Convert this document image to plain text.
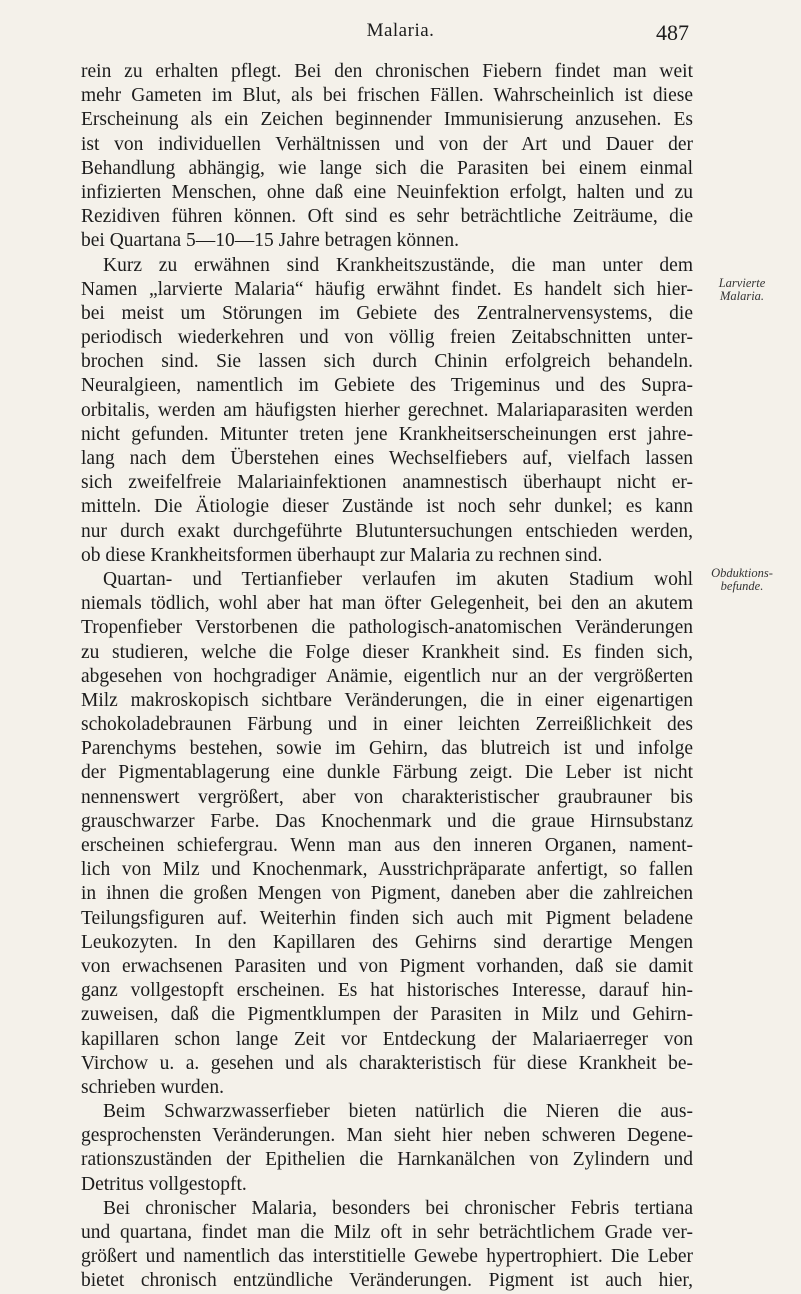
Malaria.	487
Larvierte
Malaria.
Obduktions-
befunde.
rein zu erhalten pflegt. Bei den chronischen Fiebern findet man weit
mehr Gameten im Blut, als bei frischen Fällen. Wahrscheinlich ist diese
Erscheinung als ein Zeichen beginnender Immunisierung anzusehen. Es
ist von individuellen Verhältnissen und von der Art und Dauer der
Behandlung abhängig, wie lange sich die Parasiten bei einem einmal
infizierten Menschen, ohne daß eine Neuinfektion erfolgt, halten und zu
Rezidiven führen können. Oft sind es sehr beträchtliche Zeiträume, die
bei Quartana 5—10—15 Jahre betragen können.
Kurz zu erwähnen sind Krankheitszustände, die man unter dem
Namen „larvierte Malaria“ häufig erwähnt findet. Es handelt sich hier-
bei meist um Störungen im Gebiete des Zentralnervensystems, die
periodisch wiederkehren und von völlig freien Zeitabschnitten unter-
brochen sind. Sie lassen sich durch Chinin erfolgreich behandeln.
Neuralgieen, namentlich im Gebiete des Trigeminus und des Supra-
orbitalis, werden am häufigsten hierher gerechnet. Malariaparasiten werden
nicht gefunden. Mitunter treten jene Krankheitserscheinungen erst jahre-
lang nach dem Überstehen eines Wechselfiebers auf, vielfach lassen
sich zweifelfreie Malariainfektionen anamnestisch überhaupt nicht er-
mitteln. Die Ätiologie dieser Zustände ist noch sehr dunkel; es kann
nur durch exakt durchgeführte Blutuntersuchungen entschieden werden,
ob diese Krankheitsformen überhaupt zur Malaria zu rechnen sind.
Quartan- und Tertianfieber verlaufen im akuten Stadium wohl
niemals tödlich, wohl aber hat man öfter Gelegenheit, bei den an akutem
Tropenfieber Verstorbenen die pathologisch-anatomischen Veränderungen
zu studieren, welche die Folge dieser Krankheit sind. Es finden sich,
abgesehen von hochgradiger Anämie, eigentlich nur an der vergrößerten
Milz makroskopisch sichtbare Veränderungen, die in einer eigenartigen
schokoladebraunen Färbung und in einer leichten Zerreißlichkeit des
Parenchyms bestehen, sowie im Gehirn, das blutreich ist und infolge
der Pigmentablagerung eine dunkle Färbung zeigt. Die Leber ist nicht
nennenswert vergrößert, aber von charakteristischer graubrauner bis
grauschwarzer Farbe. Das Knochenmark und die graue Hirnsubstanz
erscheinen schiefergrau. Wenn man aus den inneren Organen, nament-
lich von Milz und Knochenmark, Ausstrichpräparate anfertigt, so fallen
in ihnen die großen Mengen von Pigment, daneben aber die zahlreichen
Teilungsfiguren auf. Weiterhin finden sich auch mit Pigment beladene
Leukozyten. In den Kapillaren des Gehirns sind derartige Mengen
von erwachsenen Parasiten und von Pigment vorhanden, daß sie damit
ganz vollgestopft erscheinen. Es hat historisches Interesse, darauf hin-
zuweisen, daß die Pigmentklumpen der Parasiten in Milz und Gehirn-
kapillaren schon lange Zeit vor Entdeckung der Malariaerreger von
Virchow u. a. gesehen und als charakteristisch für diese Krankheit be-
schrieben wurden.
Beim Schwarzwasserfieber bieten natürlich die Nieren die aus-
gesprochensten Veränderungen. Man sieht hier neben schweren Degene-
rationszuständen der Epithelien die Harnkanälchen von Zylindern und
Detritus vollgestopft.
Bei chronischer Malaria, besonders bei chronischer Febris tertiana
und quartana, findet man die Milz oft in sehr beträchtlichem Grade ver-
größert und namentlich das interstitielle Gewebe hypertrophiert. Die Leber
bietet chronisch entzündliche Veränderungen. Pigment ist auch hier,
